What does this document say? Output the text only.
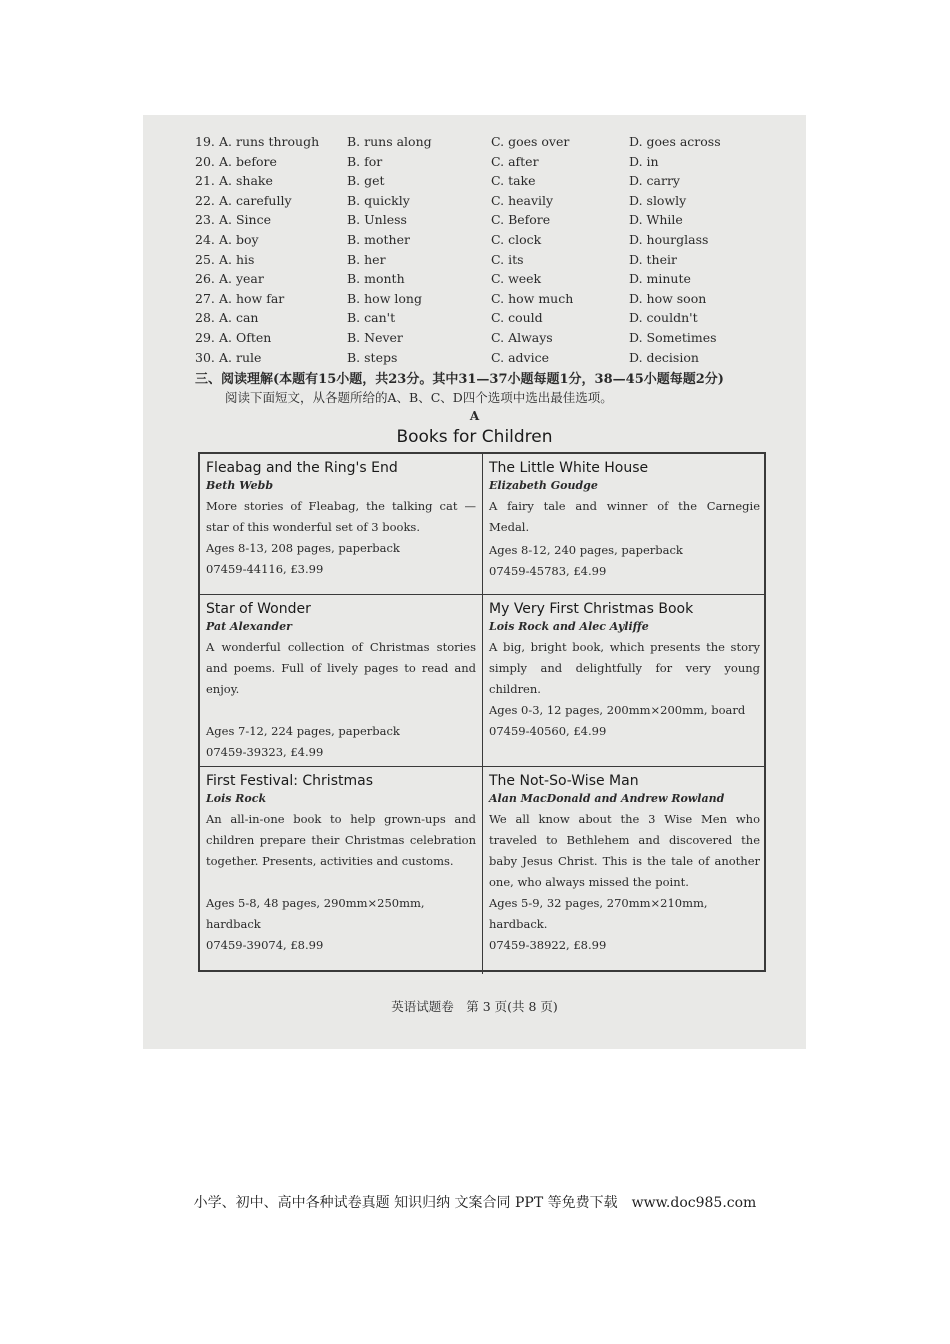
19. A. runs through B. runs along	C. goes over	D. goes across
20. A. before	B. for	C. after	D. in
21. A. shake	B. get	C. take	D. carry
22. A. carefully	B. quickly	C. heavily	D. slowly
23. A. Since	B. Unless	C. Before	D. While
24. A. boy	B. mother	C. clock	D. hourglass
25. A. his	B. her	C. its	D. their
26. A. year	B. month	C. week	D. minute
27. A. how far	B. how long	C. how much	D. how soon
28. A. can	B. can't	C. could	D. couldn't
29. A. Often	B. Never	C. Always	D. Sometimes
30. A. rule	B. steps	C. advice	D. decision
三、阅读理解(本题有15小题，共23分。其中31—37小题每题1分，38—45小题每题2分)
阅读下面短文，从各题所给的A、B、C、D四个选项中选出最佳选项。
A
Books for Children
Fleabag and the Ring's End
Beth Webb
More stories of Fleabag, the talking cat — star of this wonderful set of 3 books.
Ages 8-13, 208 pages, paperback
07459-44116, £3.99
The Little White House
Elizabeth Goudge
A fairy tale and winner of the Carnegie Medal.
Ages 8-12, 240 pages, paperback
07459-45783, £4.99
Star of Wonder
Pat Alexander
A wonderful collection of Christmas stories and poems. Full of lively pages to read and enjoy.
Ages 7-12, 224 pages, paperback
07459-39323, £4.99
My Very First Christmas Book
Lois Rock and Alec Ayliffe
A big, bright book, which presents the story simply and delightfully for very young children.
Ages 0-3, 12 pages, 200mm×200mm, board
07459-40560, £4.99
First Festival: Christmas
Lois Rock
An all-in-one book to help grown-ups and children prepare their Christmas celebration together. Presents, activities and customs.
Ages 5-8, 48 pages, 290mm×250mm, hardback
07459-39074, £8.99
The Not-So-Wise Man
Alan MacDonald and Andrew Rowland
We all know about the 3 Wise Men who traveled to Bethlehem and discovered the baby Jesus Christ. This is the tale of another one, who always missed the point.
Ages 5-9, 32 pages, 270mm×210mm, hardback.
07459-38922, £8.99
英语试题卷　第 3 页(共 8 页)
小学、初中、高中各种试卷真题 知识归纳 文案合同 PPT 等免费下载　www.doc985.com
